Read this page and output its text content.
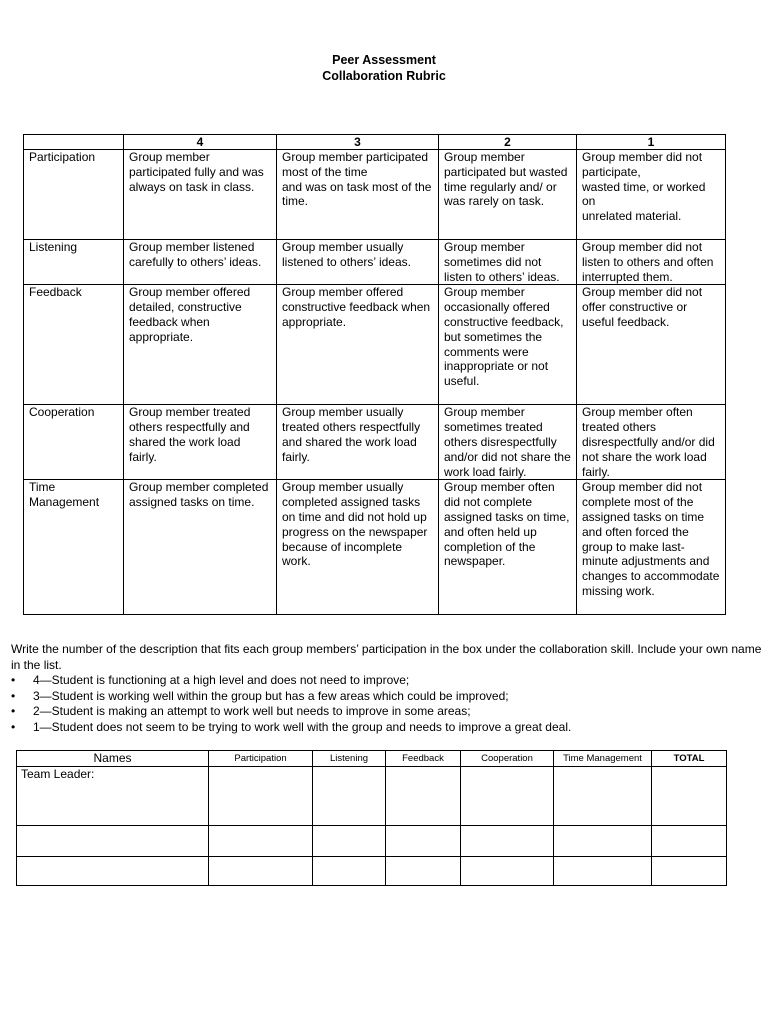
Peer Assessment
Collaboration Rubric
	4	3	2	1
Participation	Group member participated fully and was always on task in class.	Group member participated most of the time
and was on task most of the time.	Group member participated but wasted time regularly and/ or was rarely on task.	Group member did not participate,
wasted time, or worked on
unrelated material.
Listening	Group member listened carefully to others’ ideas.	Group member usually listened to others’ ideas.	Group member sometimes did not listen to others’ ideas.	Group member did not listen to others and often interrupted them.
Feedback	Group member offered detailed, constructive feedback when appropriate.	Group member offered constructive feedback when appropriate.	Group member occasionally offered constructive feedback, but sometimes the comments were inappropriate or not useful.	Group member did not offer constructive or useful feedback.
Cooperation	Group member treated others respectfully and shared the work load fairly.	Group member usually treated others respectfully and shared the work load fairly.	Group member sometimes treated others disrespectfully and/or did not share the work load fairly.	Group member often treated others disrespectfully and/or did not share the work load fairly.
Time Management	Group member completed assigned tasks on time.	Group member usually completed assigned tasks on time and did not hold up progress on the newspaper because of incomplete work.	Group member often did not complete assigned tasks on time, and often held up completion of the newspaper.	Group member did not complete most of the assigned tasks on time and often forced the group to make last-minute adjustments and changes to accommodate missing work.

Write the number of the description that fits each group members’ participation in the box under the collaboration skill. Include your own name in the list.

• 4—Student is functioning at a high level and does not need to improve;
• 3—Student is working well within the group but has a few areas which could be improved;
• 2—Student is making an attempt to work well but needs to improve in some areas;
• 1—Student does not seem to be trying to work well with the group and needs to improve a great deal.
Names	Participation	Listening	Feedback	Cooperation	Time Management	TOTAL
Team Leader:						
